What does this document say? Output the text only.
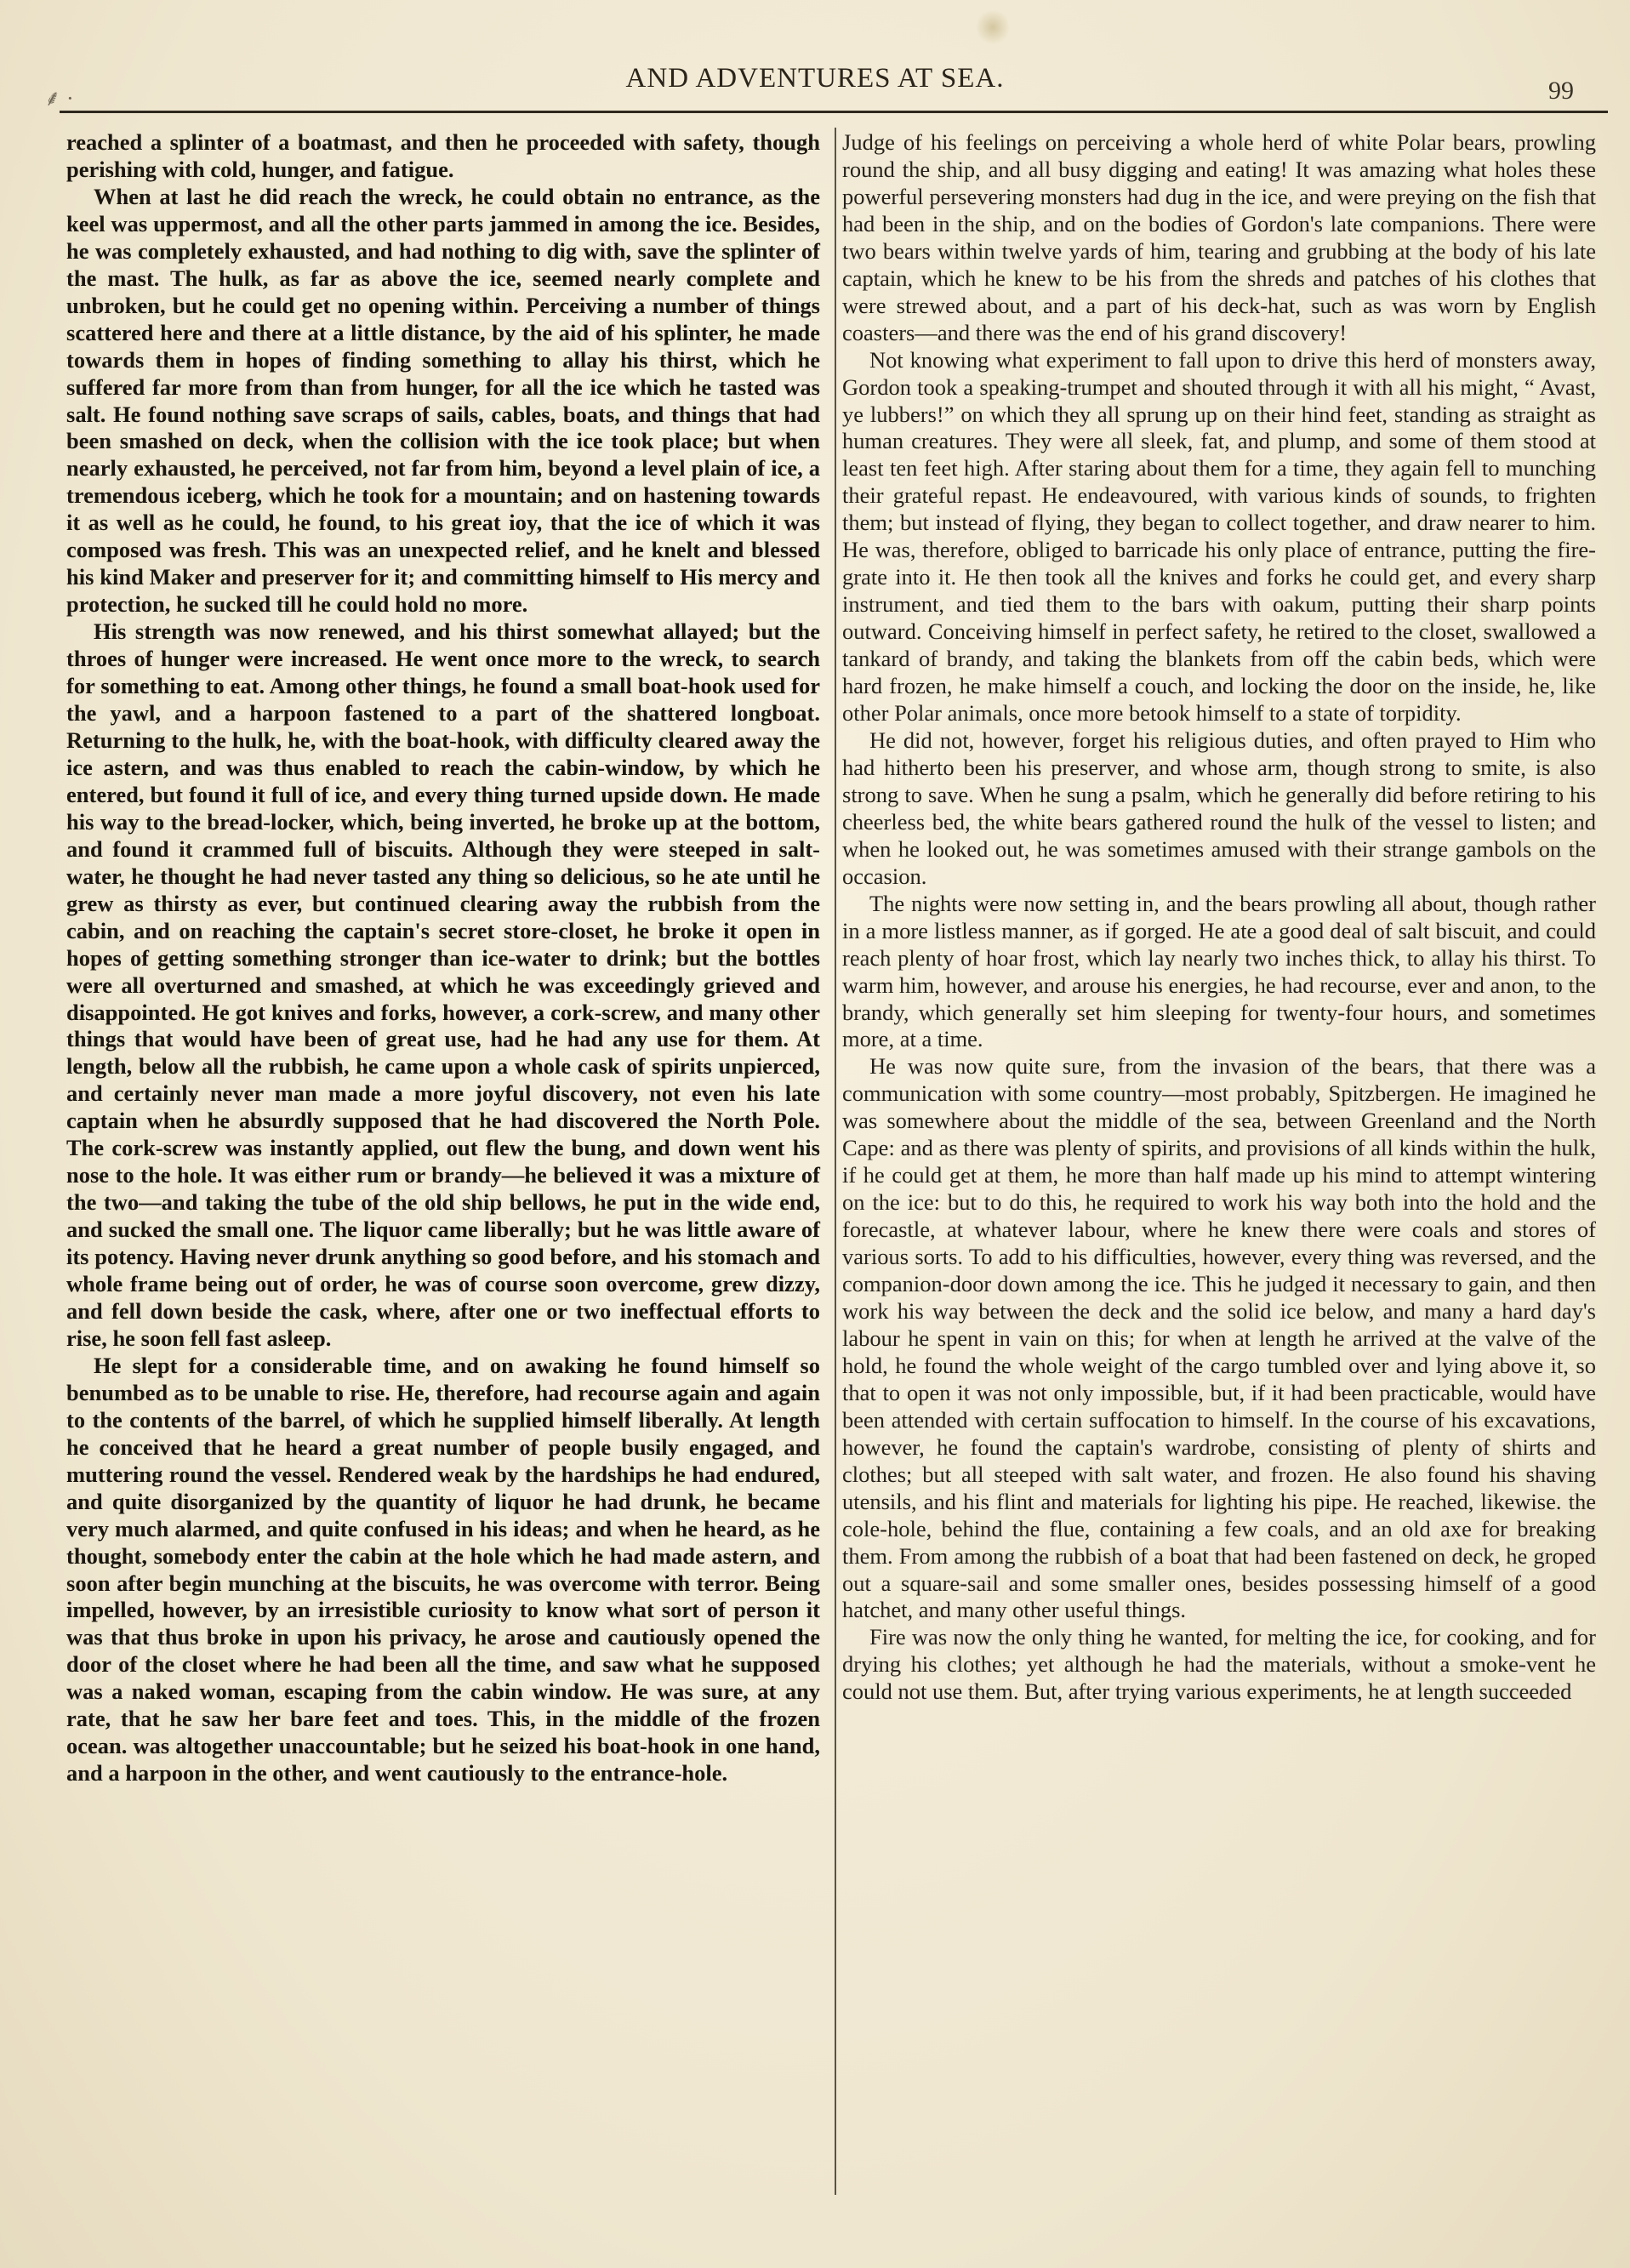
⸙ ·
AND ADVENTURES AT SEA.	99

reached a splinter of a boatmast, and then he proceeded with safety, though perishing with cold, hunger, and fatigue.

When at last he did reach the wreck, he could obtain no entrance, as the keel was uppermost, and all the other parts jammed in among the ice. Besides, he was completely exhausted, and had nothing to dig with, save the splinter of the mast. The hulk, as far as above the ice, seemed nearly complete and unbroken, but he could get no opening within. Perceiving a number of things scattered here and there at a little distance, by the aid of his splinter, he made towards them in hopes of finding something to allay his thirst, which he suffered far more from than from hunger, for all the ice which he tasted was salt. He found nothing save scraps of sails, cables, boats, and things that had been smashed on deck, when the collision with the ice took place; but when nearly exhausted, he perceived, not far from him, beyond a level plain of ice, a tremendous iceberg, which he took for a mountain; and on hastening towards it as well as he could, he found, to his great ioy, that the ice of which it was composed was fresh. This was an unexpected relief, and he knelt and blessed his kind Maker and preserver for it; and committing himself to His mercy and protection, he sucked till he could hold no more.

His strength was now renewed, and his thirst somewhat allayed; but the throes of hunger were increased. He went once more to the wreck, to search for something to eat. Among other things, he found a small boat-hook used for the yawl, and a harpoon fastened to a part of the shattered longboat. Returning to the hulk, he, with the boat-hook, with difficulty cleared away the ice astern, and was thus enabled to reach the cabin-window, by which he entered, but found it full of ice, and every thing turned upside down. He made his way to the bread-locker, which, being inverted, he broke up at the bottom, and found it crammed full of biscuits. Although they were steeped in salt-water, he thought he had never tasted any thing so delicious, so he ate until he grew as thirsty as ever, but continued clearing away the rubbish from the cabin, and on reaching the captain's secret store-closet, he broke it open in hopes of getting something stronger than ice-water to drink; but the bottles were all overturned and smashed, at which he was exceedingly grieved and disappointed. He got knives and forks, however, a cork-screw, and many other things that would have been of great use, had he had any use for them. At length, below all the rubbish, he came upon a whole cask of spirits unpierced, and certainly never man made a more joyful discovery, not even his late captain when he absurdly supposed that he had discovered the North Pole. The cork-screw was instantly applied, out flew the bung, and down went his nose to the hole. It was either rum or brandy—he believed it was a mixture of the two—and taking the tube of the old ship bellows, he put in the wide end, and sucked the small one. The liquor came liberally; but he was little aware of its potency. Having never drunk anything so good before, and his stomach and whole frame being out of order, he was of course soon overcome, grew dizzy, and fell down beside the cask, where, after one or two ineffectual efforts to rise, he soon fell fast asleep.

He slept for a considerable time, and on awaking he found himself so benumbed as to be unable to rise. He, therefore, had recourse again and again to the contents of the barrel, of which he supplied himself liberally. At length he conceived that he heard a great number of people busily engaged, and muttering round the vessel. Rendered weak by the hardships he had endured, and quite disorganized by the quantity of liquor he had drunk, he became very much alarmed, and quite confused in his ideas; and when he heard, as he thought, somebody enter the cabin at the hole which he had made astern, and soon after begin munching at the biscuits, he was overcome with terror. Being impelled, however, by an irresistible curiosity to know what sort of person it was that thus broke in upon his privacy, he arose and cautiously opened the door of the closet where he had been all the time, and saw what he supposed was a naked woman, escaping from the cabin window. He was sure, at any rate, that he saw her bare feet and toes. This, in the middle of the frozen ocean. was altogether unaccountable; but he seized his boat-hook in one hand, and a harpoon in the other, and went cautiously to the entrance-hole.

Judge of his feelings on perceiving a whole herd of white Polar bears, prowling round the ship, and all busy digging and eating! It was amazing what holes these powerful persevering monsters had dug in the ice, and were preying on the fish that had been in the ship, and on the bodies of Gordon's late companions. There were two bears within twelve yards of him, tearing and grubbing at the body of his late captain, which he knew to be his from the shreds and patches of his clothes that were strewed about, and a part of his deck-hat, such as was worn by English coasters—and there was the end of his grand discovery!

Not knowing what experiment to fall upon to drive this herd of monsters away, Gordon took a speaking-trumpet and shouted through it with all his might, “ Avast, ye lubbers!” on which they all sprung up on their hind feet, standing as straight as human creatures. They were all sleek, fat, and plump, and some of them stood at least ten feet high. After staring about them for a time, they again fell to munching their grateful repast. He endeavoured, with various kinds of sounds, to frighten them; but instead of flying, they began to collect together, and draw nearer to him. He was, therefore, obliged to barricade his only place of entrance, putting the fire-grate into it. He then took all the knives and forks he could get, and every sharp instrument, and tied them to the bars with oakum, putting their sharp points outward. Conceiving himself in perfect safety, he retired to the closet, swallowed a tankard of brandy, and taking the blankets from off the cabin beds, which were hard frozen, he make himself a couch, and locking the door on the inside, he, like other Polar animals, once more betook himself to a state of torpidity.

He did not, however, forget his religious duties, and often prayed to Him who had hitherto been his preserver, and whose arm, though strong to smite, is also strong to save. When he sung a psalm, which he generally did before retiring to his cheerless bed, the white bears gathered round the hulk of the vessel to listen; and when he looked out, he was sometimes amused with their strange gambols on the occasion.

The nights were now setting in, and the bears prowling all about, though rather in a more listless manner, as if gorged. He ate a good deal of salt biscuit, and could reach plenty of hoar frost, which lay nearly two inches thick, to allay his thirst. To warm him, however, and arouse his energies, he had recourse, ever and anon, to the brandy, which generally set him sleeping for twenty-four hours, and sometimes more, at a time.

He was now quite sure, from the invasion of the bears, that there was a communication with some country—most probably, Spitzbergen. He imagined he was somewhere about the middle of the sea, between Greenland and the North Cape: and as there was plenty of spirits, and provisions of all kinds within the hulk, if he could get at them, he more than half made up his mind to attempt wintering on the ice: but to do this, he required to work his way both into the hold and the forecastle, at whatever labour, where he knew there were coals and stores of various sorts. To add to his difficulties, however, every thing was reversed, and the companion-door down among the ice. This he judged it necessary to gain, and then work his way between the deck and the solid ice below, and many a hard day's labour he spent in vain on this; for when at length he arrived at the valve of the hold, he found the whole weight of the cargo tumbled over and lying above it, so that to open it was not only impossible, but, if it had been practicable, would have been attended with certain suffocation to himself. In the course of his excavations, however, he found the captain's wardrobe, consisting of plenty of shirts and clothes; but all steeped with salt water, and frozen. He also found his shaving utensils, and his flint and materials for lighting his pipe. He reached, likewise. the cole-hole, behind the flue, containing a few coals, and an old axe for breaking them. From among the rubbish of a boat that had been fastened on deck, he groped out a square-sail and some smaller ones, besides possessing himself of a good hatchet, and many other useful things.

Fire was now the only thing he wanted, for melting the ice, for cooking, and for drying his clothes; yet although he had the materials, without a smoke-vent he could not use them. But, after trying various experiments, he at length succeeded
